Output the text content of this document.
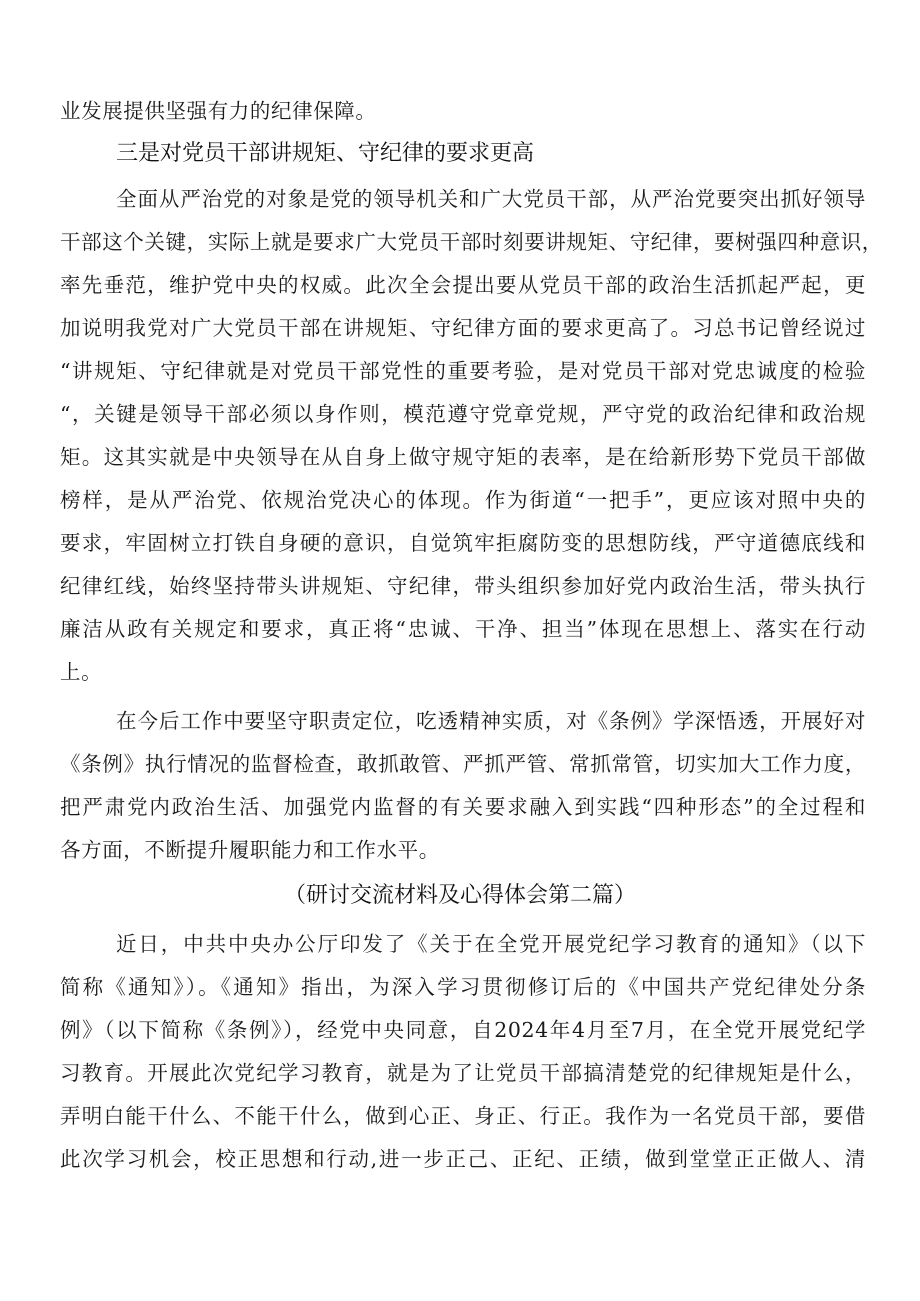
业发展提供坚强有力的纪律保障。
三是对党员干部讲规矩、守纪律的要求更高
全面从严治党的对象是党的领导机关和广大党员干部，从严治党要突出抓好领导
干部这个关键，实际上就是要求广大党员干部时刻要讲规矩、守纪律，要树强四种意识，
率先垂范，维护党中央的权威。此次全会提出要从党员干部的政治生活抓起严起，更
加说明我党对广大党员干部在讲规矩、守纪律方面的要求更高了。习总书记曾经说过
“讲规矩、守纪律就是对党员干部党性的重要考验，是对党员干部对党忠诚度的检验
“，关键是领导干部必须以身作则，模范遵守党章党规，严守党的政治纪律和政治规
矩。这其实就是中央领导在从自身上做守规守矩的表率，是在给新形势下党员干部做
榜样，是从严治党、依规治党决心的体现。作为街道“一把手”，更应该对照中央的
要求，牢固树立打铁自身硬的意识，自觉筑牢拒腐防变的思想防线，严守道德底线和
纪律红线，始终坚持带头讲规矩、守纪律，带头组织参加好党内政治生活，带头执行
廉洁从政有关规定和要求，真正将“忠诚、干净、担当”体现在思想上、落实在行动
上。
在今后工作中要坚守职责定位，吃透精神实质，对《条例》学深悟透，开展好对
《条例》执行情况的监督检查，敢抓敢管、严抓严管、常抓常管，切实加大工作力度，
把严肃党内政治生活、加强党内监督的有关要求融入到实践“四种形态”的全过程和
各方面，不断提升履职能力和工作水平。
（研讨交流材料及心得体会第二篇）
近日，中共中央办公厅印发了《关于在全党开展党纪学习教育的通知》（以下
简称《通知》）。《通知》指出，为深入学习贯彻修订后的《中国共产党纪律处分条
例》（以下简称《条例》），经党中央同意，自2024年4月至7月，在全党开展党纪学
习教育。开展此次党纪学习教育，就是为了让党员干部搞清楚党的纪律规矩是什么，
弄明白能干什么、不能干什么，做到心正、身正、行正。我作为一名党员干部，要借
此次学习机会，校正思想和行动,进一步正己、正纪、正绩，做到堂堂正正做人、清
